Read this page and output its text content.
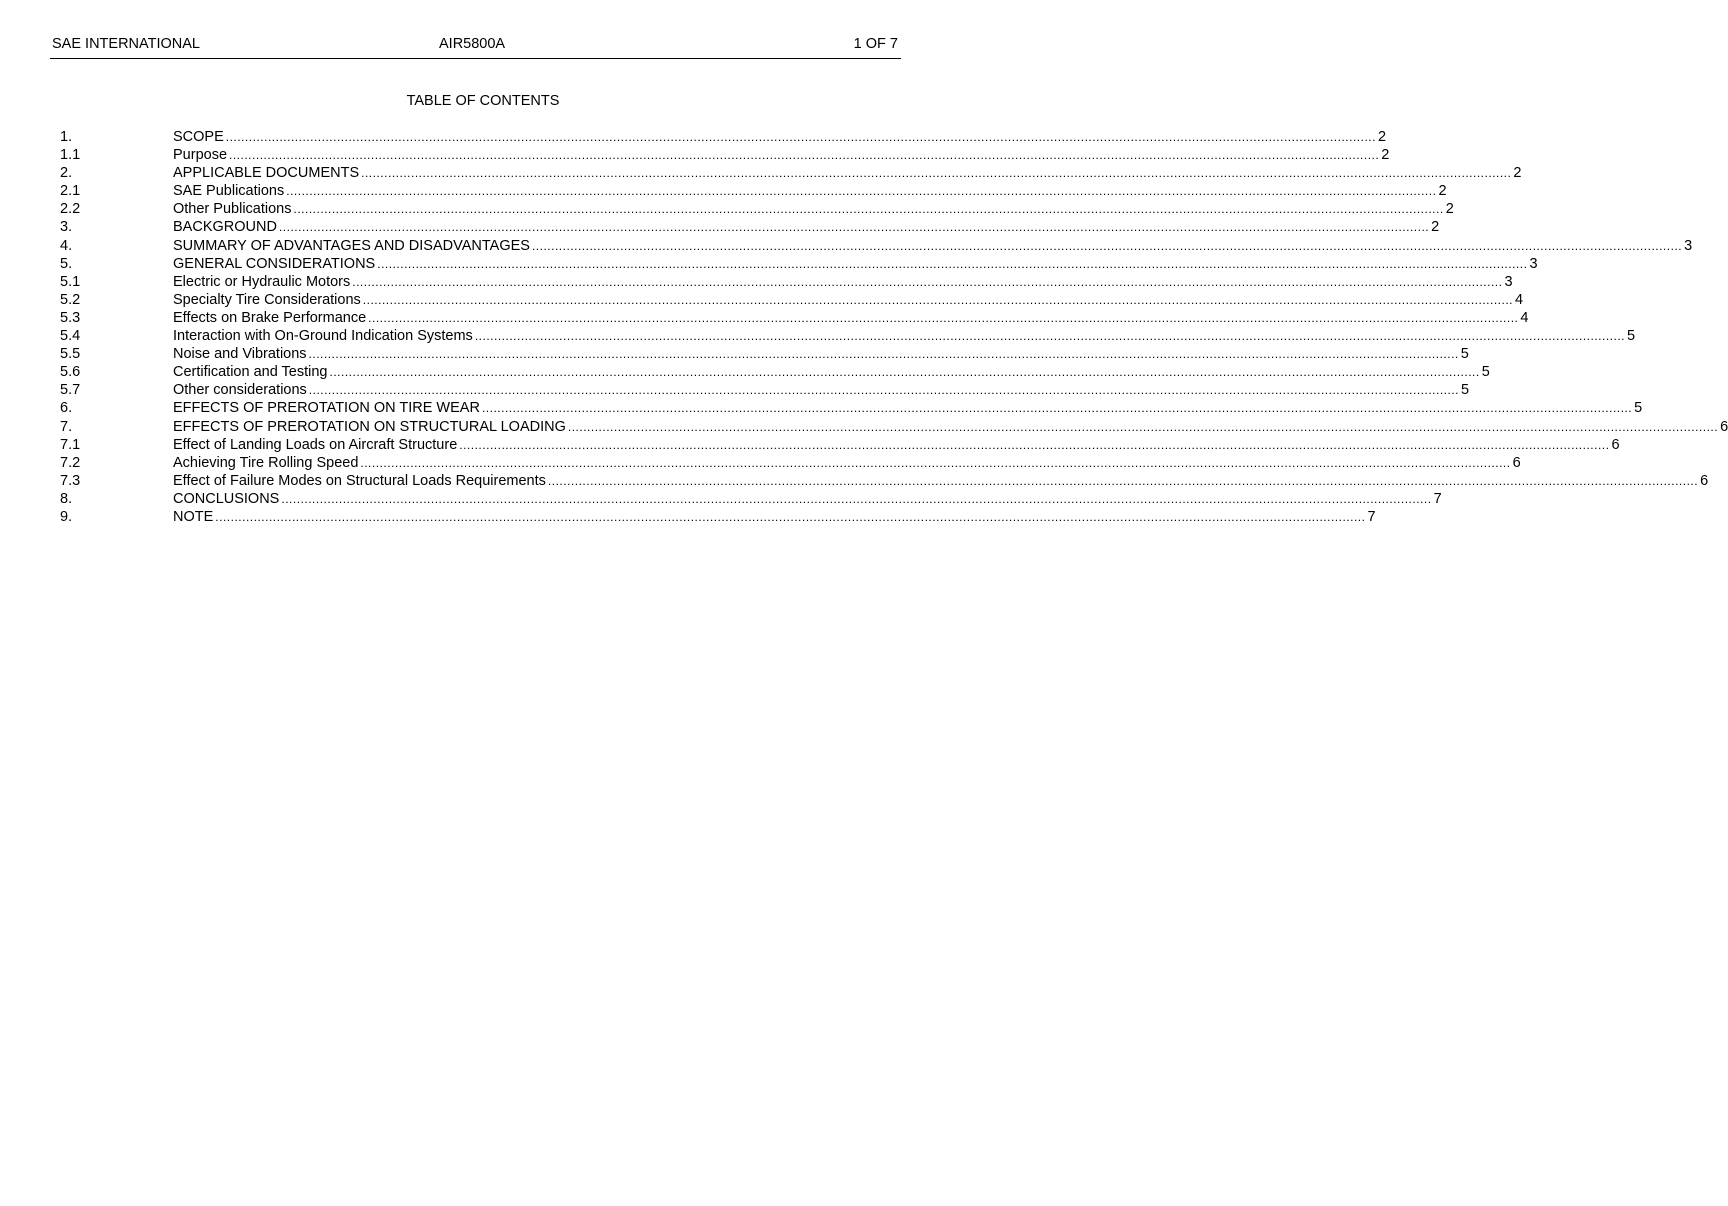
SAE INTERNATIONAL	AIR5800A	1 OF 7
TABLE OF CONTENTS
1.	SCOPE ............................................................................................................................................................................................................................................................................................................ 2
1.1	Purpose ............................................................................................................................................................................................................................................................................................................ 2
2.	APPLICABLE DOCUMENTS ............................................................................................................................................................................................................................................................................................................ 2
2.1	SAE Publications ............................................................................................................................................................................................................................................................................................................ 2
2.2	Other Publications ............................................................................................................................................................................................................................................................................................................ 2
3.	BACKGROUND ............................................................................................................................................................................................................................................................................................................ 2
4.	SUMMARY OF ADVANTAGES AND DISADVANTAGES ............................................................................................................................................................................................................................................................................................................ 3
5.	GENERAL CONSIDERATIONS ............................................................................................................................................................................................................................................................................................................ 3
5.1	Electric or Hydraulic Motors ............................................................................................................................................................................................................................................................................................................ 3
5.2	Specialty Tire Considerations ............................................................................................................................................................................................................................................................................................................ 4
5.3	Effects on Brake Performance ............................................................................................................................................................................................................................................................................................................ 4
5.4	Interaction with On-Ground Indication Systems ............................................................................................................................................................................................................................................................................................................ 5
5.5	Noise and Vibrations ............................................................................................................................................................................................................................................................................................................ 5
5.6	Certification and Testing ............................................................................................................................................................................................................................................................................................................ 5
5.7	Other considerations ............................................................................................................................................................................................................................................................................................................ 5
6.	EFFECTS OF PREROTATION ON TIRE WEAR ............................................................................................................................................................................................................................................................................................................ 5
7.	EFFECTS OF PREROTATION ON STRUCTURAL LOADING ............................................................................................................................................................................................................................................................................................................ 6
7.1	Effect of Landing Loads on Aircraft Structure ............................................................................................................................................................................................................................................................................................................ 6
7.2	Achieving Tire Rolling Speed ............................................................................................................................................................................................................................................................................................................ 6
7.3	Effect of Failure Modes on Structural Loads Requirements ............................................................................................................................................................................................................................................................................................................ 6
8.	CONCLUSIONS ............................................................................................................................................................................................................................................................................................................ 7
9.	NOTE ............................................................................................................................................................................................................................................................................................................ 7
